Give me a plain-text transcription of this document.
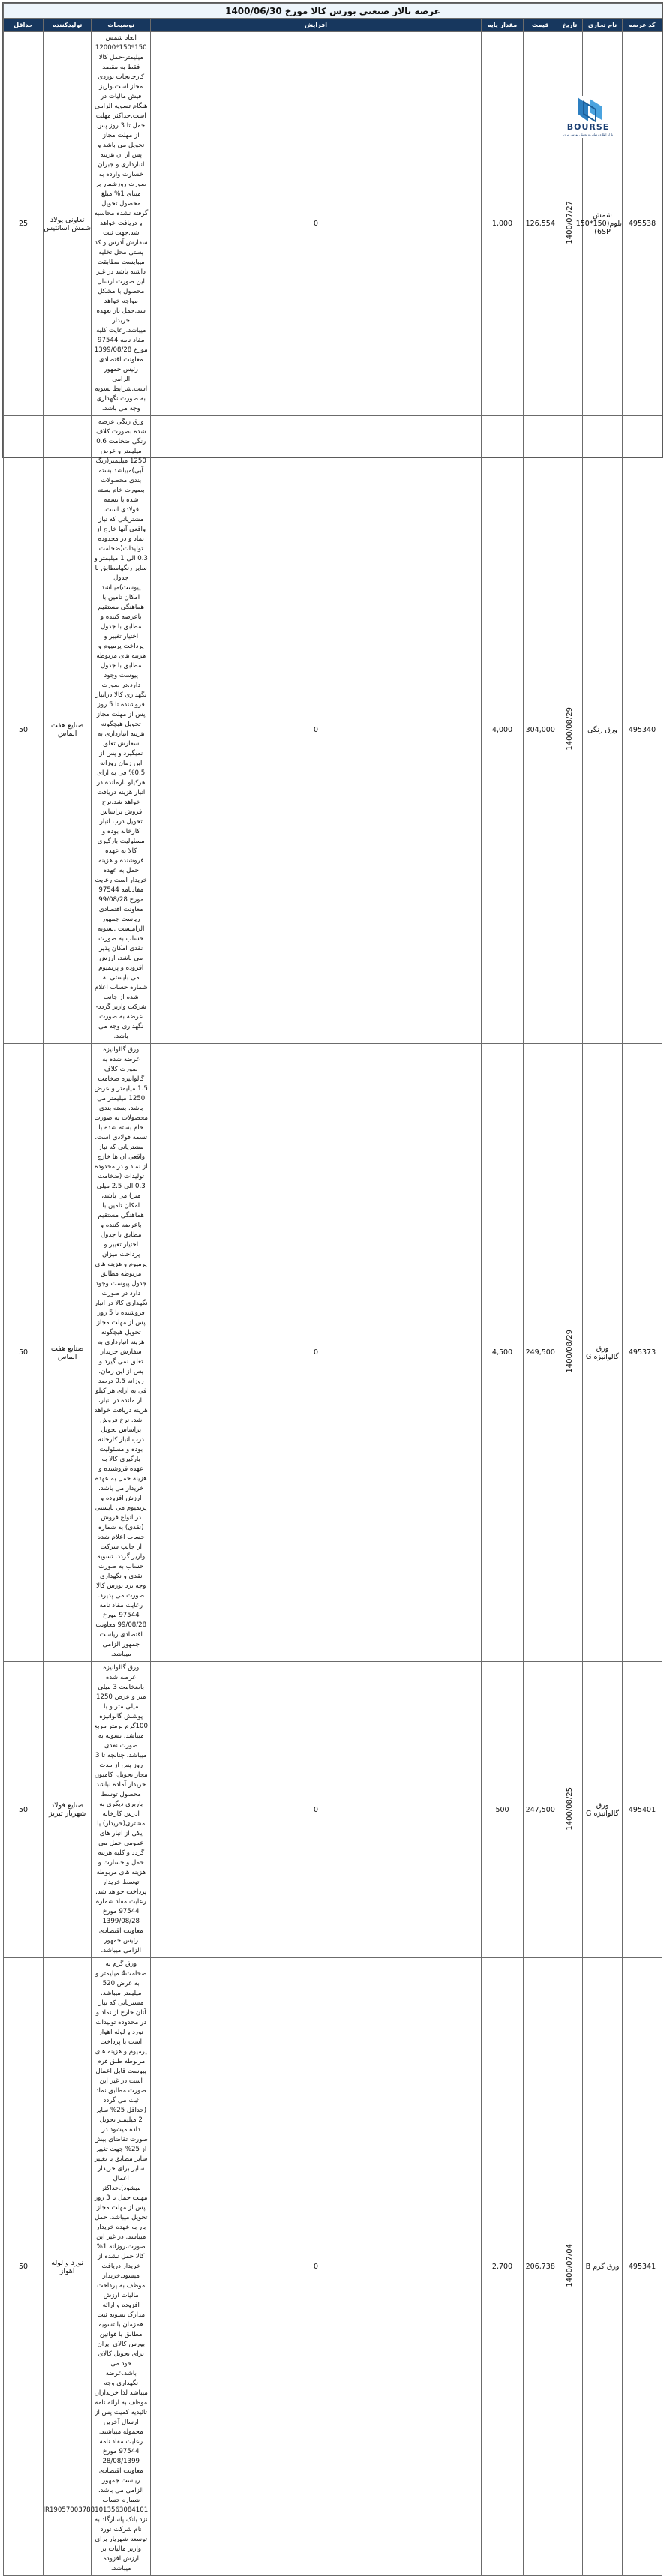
عرضه تالار صنعتی بورس کالا مورخ 1400/06/30								
کد عرضه	نام تجاری	تاریخ	قیمت	مقدار پایه	افزایش	توضیحات	تولیدکننده	حداقل
495538	شمش بلوم(150*150 6SP)	1400/07/27	126,554	1,000	0	ابعاد شمش 150*150*12000 میلیمتر-حمل کالا فقط به مقصد کارخانجات نوردی مجاز است.واریز فیش مالیات در هنگام تسویه الزامی است.حداکثر مهلت حمل تا 3 روز پس از مهلت مجاز تحویل می باشد و پس از آن هزینه انبارداری و جبران خسارت وارده به صورت روزشمار بر مبنای 1% مبلغ محصول تحویل گرفته نشده محاسبه و دریافت خواهد شد.جهت ثبت سفارش آدرس و کد پستی محل تخلیه میبایست مطابقت داشته باشد در غیر این صورت ارسال محصول با مشکل مواجه خواهد شد.حمل بار بعهده خریدار میباشد.رعایت کلیه مفاد نامه 97544 مورخ 1399/08/28 معاونت اقتصادی رئیس جمهور الزامی است.شرایط تسویه به صورت نگهداری وجه می باشد.	تعاونی پولاد شمش اسانتیس	25
495340	ورق رنگی	1400/08/29	304,000	4,000	0	ورق رنگی عرضه شده بصورت کلاف رنگی ضخامت 0.6 میلیمتر و عرض 1250 میلیمتر(رنگ آبی)میباشد.بسته بندی محصولات بصورت خام بسته شده با تسمه فولادی است. مشتریانی که نیاز واقعی آنها خارج از نماد و در محدوده تولیدات(ضخامت 0.3 الی 1 میلیمتر و سایر رنگهامطابق با جدول پیوست)میباشد امکان تامین با هماهنگی مستقیم باعرضه کننده و مطابق با جدول اختیار تغییر و پرداخت پرمیوم و هزینه های مربوطه مطابق با جدول پیوست وجود دارد.در صورت نگهداری کالا درانبار فروشنده تا 5 روز پس از مهلت مجاز تحویل هیچگونه هزینه انبارداری به سفارش تعلق نمیگیرد و پس از این زمان روزانه 0.5% فی به ازای هرکیلو بارمانده در انبار هزینه دریافت خواهد شد.نرخ فروش براساس تحویل درب انبار کارخانه بوده و مسئولیت بارگیری کالا به عهده فروشنده و هزینه حمل به عهده خریدار است.رعایت مفادنامه 97544 مورخ 99/08/28 معاونت اقتصادی ریاست جمهور الزامیست .تسویه حساب به صورت نقدی امکان پذیر می باشد، ارزش افزوده و پریمیوم می بایستی به شماره حساب اعلام شده از جانب شرکت واریز گردد-عرضه به صورت نگهداری وجه می باشد.	صنایع هفت الماس	50
495373	ورق گالوانیزه G	1400/08/29	249,500	4,500	0	ورق گالوانیزه عرضه شده به صورت کلاف گالوانیزه ضخامت 1.5 میلیمتر و عرض 1250 میلیمتر می باشد. بسته بندی محصولات به صورت خام بسته شده با تسمه فولادی است. مشتریانی که نیاز واقعی آن ها خارج از نماد و در محدوده تولیدات (ضخامت 0.3 الی 2.5 میلی متر) می باشد، امکان تامین با هماهنگی مستقیم باعرضه کننده و مطابق با جدول اختیار تغییر و پرداخت میزان پرمیوم و هزینه های مربوطه مطابق جدول پیوست وجود دارد در صورت نگهداری کالا در انبار فروشنده تا 5 روز پس از مهلت مجاز تحویل هیچگونه هزینه انبارداری به سفارش خریدار تعلق نمی گیرد و پس از این زمان، روزانه 0.5 درصد فی به ازای هر کیلو بار مانده در انبار، هزینه دریافت خواهد شد. نرخ فروش براساس تحویل درب انبار کارخانه بوده و مسئولیت بارگیری کالا به عهده فروشنده و هزینه حمل به عهده خریدار می باشد. ارزش افزوده و پریمیوم می بایستی در انواع فروش (نقدی) به شماره حساب اعلام شده از جانب شرکت واریز گردد. تسویه حساب به صورت نقدی و نگهداری وجه نزد بورس کالا صورت می پذیرد. رعایت مفاد نامه 97544 مورخ 99/08/28 معاونت اقتصادی ریاست جمهور الزامی میباشد.	صنایع هفت الماس	50
495401	ورق گالوانیزه G	1400/08/25	247,500	500	0	ورق گالوانیزه عرضه شده باضخامت 3 میلی متر و عرض 1250 میلی متر و با پوشش گالوانیزه 100گرم برمتر مربع میباشد. تسویه به صورت نقدی میباشد. چنانچه تا 3 روز پس از مدت مجاز تحویل، کامیون خریدار آماده نباشد محصول توسط باربری دیگری به آدرس کارخانه مشتری(خریدار) یا یکی از انبار های عمومی حمل می گردد و کلیه هزینه حمل و خسارت و هزینه های مربوطه توسط خریدار پرداخت خواهد شد. رعایت مفاد شماره 97544 مورخ 1399/08/28 معاونت اقتصادی رئیس جمهور الزامی میباشد.	صنایع فولاد شهریار تبریز	50
495341	ورق گرم B	1400/07/04	206,738	2,700	0	ورق گرم به ضخامت4 میلیمتر و به عرض 520 میلیمتر میباشد. مشتریانی که نیاز آنان خارج از نماد و در محدوده تولیدات نورد و لوله اهواز است با پرداخت پرمیوم و هزینه های مربوطه طبق فرم پیوست قابل اعمال است در غیر این صورت مطابق نماد ثبت می گردد (حداقل 25% سایز 2 میلیمتر تحویل داده میشود در صورت تقاضای بیش از 25% جهت تغییر سایز مطابق با تغییر سایز برای خریدار اعمال میشود).حداکثر مهلت حمل تا 3 روز پس از مهلت مجاز تحویل میباشد. حمل بار به عهده خریدار میباشد. در غیر این صورت،روزانه 1% کالا حمل نشده از خریدار دریافت میشود.خریدار موظف به پرداخت مالیات ارزش افزوده و ارائه مدارک تسویه ثبت همزمان با تسویه مطابق با قوانین بورس کالای ایران برای تحویل کالای خود می باشد.عرضه نگهداری وجه میباشد لذا خریداران موظف به ارائه نامه تائیدیه کمیت پس از ارسال آخرین محموله میباشند. رعایت مفاد نامه 97544 مورخ 28/08/1399 معاونت اقتصادی ریاست جمهور الزامی می باشد. شماره حساب IR190570037881013563084101 نزد بانک پاسارگاد به نام شرکت نورد توسعه شهریار برای واریز مالیات بر ارزش افزوده میباشد.	نورد و لوله اهواز	50
BOURSE
بازار اطلاع رسانی و تحلیلی بورس ایران
